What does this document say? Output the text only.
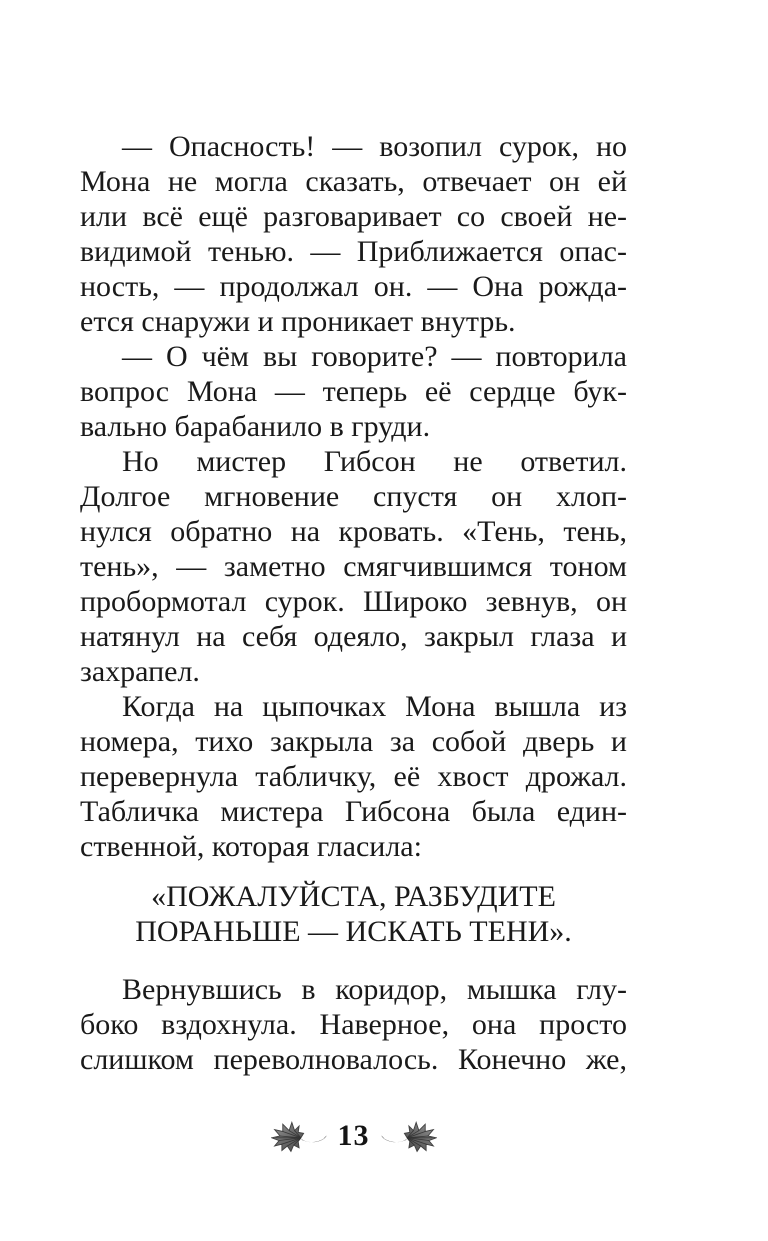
— Опасность! — возопил сурок, но
Мона не могла сказать, отвечает он ей
или всё ещё разговаривает со своей не-
видимой тенью. — Приближается опас-
ность, — продолжал он. — Она рожда-
ется снаружи и проникает внутрь.
— О чём вы говорите? — повторила
вопрос Мона — теперь её сердце бук-
вально барабанило в груди.
Но мистер Гибсон не ответил.
Долгое мгновение спустя он хлоп-
нулся обратно на кровать. «Тень, тень,
тень», — заметно смягчившимся тоном
пробормотал сурок. Широко зевнув, он
натянул на себя одеяло, закрыл глаза и
захрапел.
Когда на цыпочках Мона вышла из
номера, тихо закрыла за собой дверь и
перевернула табличку, её хвост дрожал.
Табличка мистера Гибсона была един-
ственной, которая гласила:
«ПОЖАЛУЙСТА, РАЗБУДИТЕ
ПОРАНЬШЕ — ИСКАТЬ ТЕНИ».
Вернувшись в коридор, мышка глу-
боко вздохнула. Наверное, она просто
слишком переволновалось. Конечно же,
13
